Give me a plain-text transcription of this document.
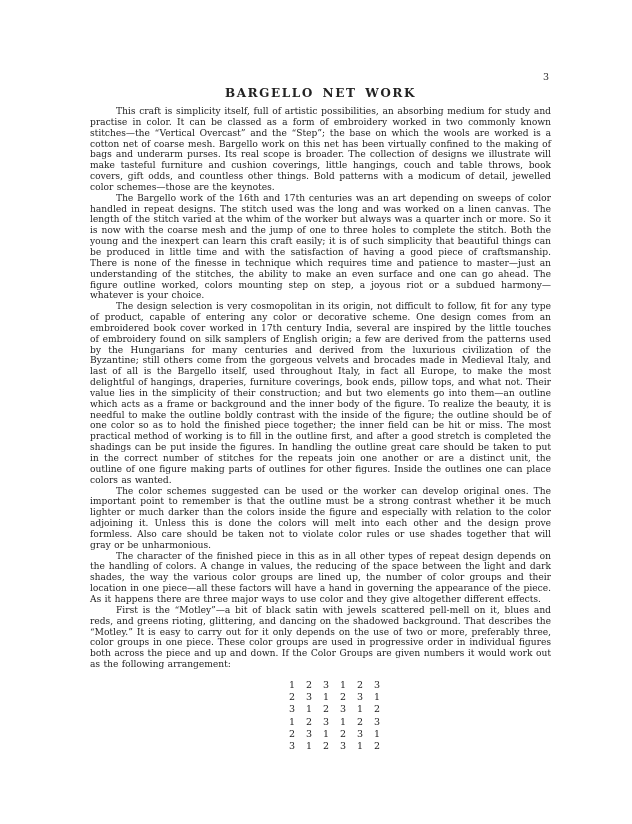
3
BARGELLO NET WORK

This craft is simplicity itself, full of artistic possibilities, an absorbing medium for study and practise in color. It can be classed as a form of embroidery worked in two commonly known stitches—the “Vertical Overcast” and the “Step”; the base on which the wools are worked is a cotton net of coarse mesh. Bargello work on this net has been virtually confined to the making of bags and underarm purses. Its real scope is broader. The collection of designs we illustrate will make tasteful furniture and cushion coverings, little hangings, couch and table throws, book covers, gift odds, and countless other things. Bold patterns with a modicum of detail, jewelled color schemes—those are the keynotes.

The Bargello work of the 16th and 17th centuries was an art depending on sweeps of color handled in repeat designs. The stitch used was the long and was worked on a linen canvas. The length of the stitch varied at the whim of the worker but always was a quarter inch or more. So it is now with the coarse mesh and the jump of one to three holes to complete the stitch. Both the young and the inexpert can learn this craft easily; it is of such simplicity that beautiful things can be produced in little time and with the satisfaction of having a good piece of craftsmanship. There is none of the finesse in technique which requires time and patience to master—just an understanding of the stitches, the ability to make an even surface and one can go ahead. The figure outline worked, colors mounting step on step, a joyous riot or a subdued harmony—whatever is your choice.

The design selection is very cosmopolitan in its origin, not difficult to follow, fit for any type of product, capable of entering any color or decorative scheme. One design comes from an embroidered book cover worked in 17th century India, several are inspired by the little touches of embroidery found on silk samplers of English origin; a few are derived from the patterns used by the Hungarians for many centuries and derived from the luxurious civilization of the Byzantine; still others come from the gorgeous velvets and brocades made in Medieval Italy, and last of all is the Bargello itself, used throughout Italy, in fact all Europe, to make the most delightful of hangings, draperies, furniture coverings, book ends, pillow tops, and what not. Their value lies in the simplicity of their construction; and but two elements go into them—an outline which acts as a frame or background and the inner body of the figure. To realize the beauty, it is needful to make the outline boldly contrast with the inside of the figure; the outline should be of one color so as to hold the finished piece together; the inner field can be hit or miss. The most practical method of working is to fill in the outline first, and after a good stretch is completed the shadings can be put inside the figures. In handling the outline great care should be taken to put in the correct number of stitches for the repeats join one another or are a distinct unit, the outline of one figure making parts of outlines for other figures. Inside the outlines one can place colors as wanted.

The color schemes suggested can be used or the worker can develop original ones. The important point to remember is that the outline must be a strong contrast whether it be much lighter or much darker than the colors inside the figure and especially with relation to the color adjoining it. Unless this is done the colors will melt into each other and the design prove formless. Also care should be taken not to violate color rules or use shades together that will gray or be unharmonious.

The character of the finished piece in this as in all other types of repeat design depends on the handling of colors. A change in values, the reducing of the space between the light and dark shades, the way the various color groups are lined up, the number of color groups and their location in one piece—all these factors will have a hand in governing the appearance of the piece. As it happens there are three major ways to use color and they give altogether different effects.

First is the “Motley”—a bit of black satin with jewels scattered pell-mell on it, blues and reds, and greens rioting, glittering, and dancing on the shadowed background. That describes the “Motley.” It is easy to carry out for it only depends on the use of two or more, preferably three, color groups in one piece. These color groups are used in progressive order in individual figures both across the piece and up and down. If the Color Groups are given numbers it would work out as the following arrangement:

1	2	3	1	2	3
2	3	1	2	3	1
3	1	2	3	1	2
1	2	3	1	2	3
2	3	1	2	3	1
3	1	2	3	1	2
